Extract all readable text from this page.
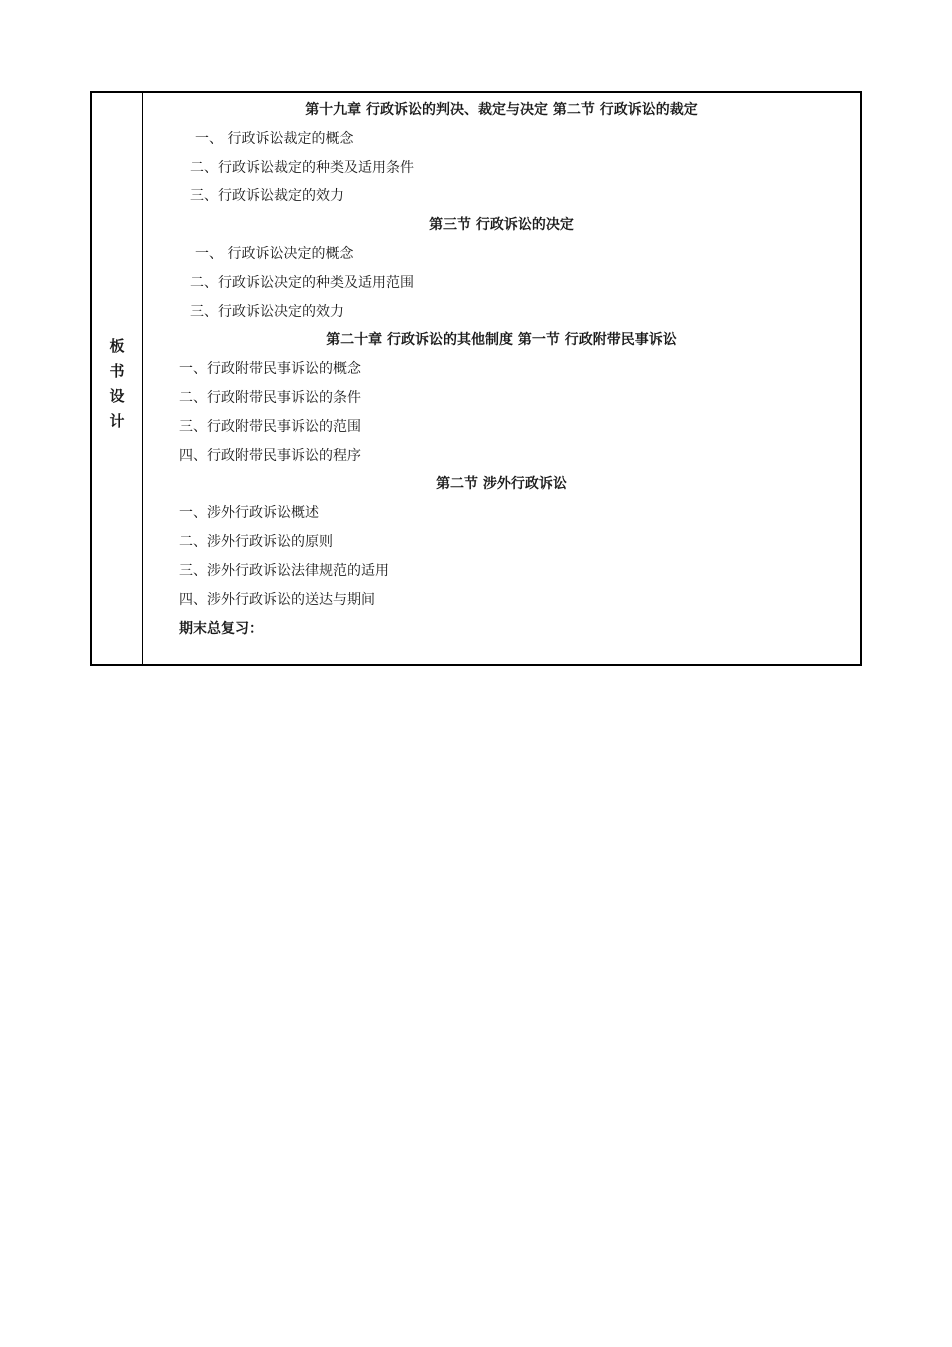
板
书
设
计
第十九章 行政诉讼的判决、裁定与决定 第二节 行政诉讼的裁定
一、 行政诉讼裁定的概念
二、行政诉讼裁定的种类及适用条件
三、行政诉讼裁定的效力
第三节 行政诉讼的决定
一、 行政诉讼决定的概念
二、行政诉讼决定的种类及适用范围
三、行政诉讼决定的效力
第二十章 行政诉讼的其他制度 第一节 行政附带民事诉讼
一、行政附带民事诉讼的概念
二、行政附带民事诉讼的条件
三、行政附带民事诉讼的范围
四、行政附带民事诉讼的程序
第二节 涉外行政诉讼
一、涉外行政诉讼概述
二、涉外行政诉讼的原则
三、涉外行政诉讼法律规范的适用
四、涉外行政诉讼的送达与期间
期末总复习：
